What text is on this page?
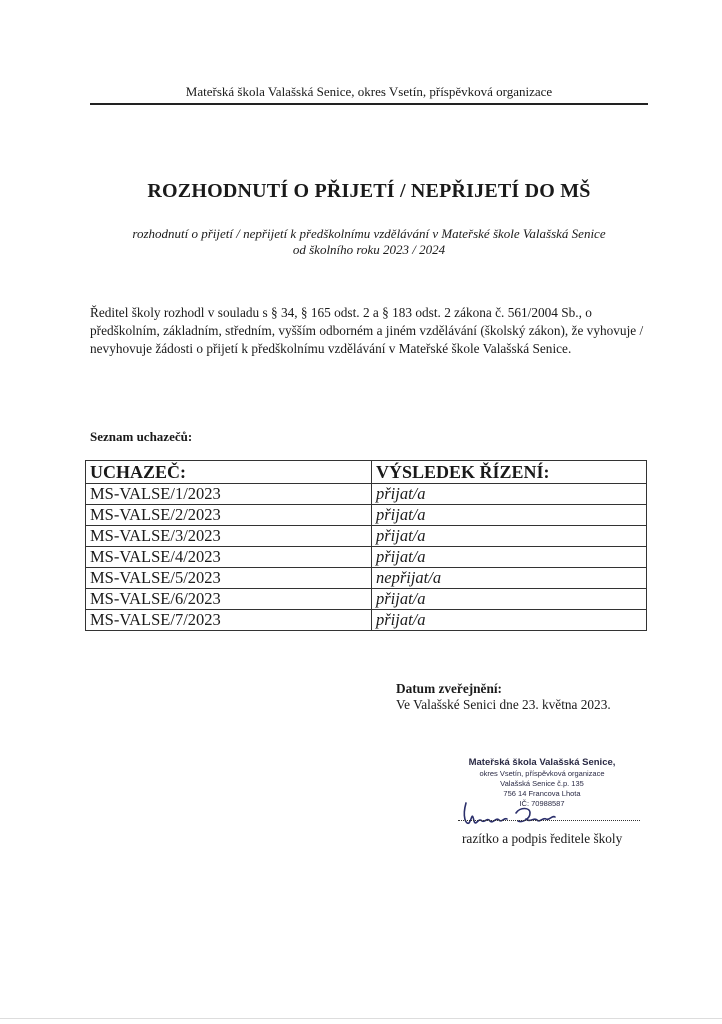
Mateřská škola Valašská Senice, okres Vsetín, příspěvková organizace
ROZHODNUTÍ O PŘIJETÍ / NEPŘIJETÍ DO MŠ
rozhodnutí o přijetí / nepřijetí k předškolnímu vzdělávání v Mateřské škole Valašská Senice
od školního roku 2023 / 2024
Ředitel školy rozhodl v souladu s § 34, § 165 odst. 2 a § 183 odst. 2 zákona č. 561/2004 Sb., o předškolním, základním, středním, vyšším odborném a jiném vzdělávání (školský zákon), že vyhovuje / nevyhovuje žádosti o přijetí k předškolnímu vzdělávání v Mateřské škole Valašská Senice.
Seznam uchazečů:
UCHAZEČ:	VÝSLEDEK ŘÍZENÍ:
MS-VALSE/1/2023	přijat/a
MS-VALSE/2/2023	přijat/a
MS-VALSE/3/2023	přijat/a
MS-VALSE/4/2023	přijat/a
MS-VALSE/5/2023	nepřijat/a
MS-VALSE/6/2023	přijat/a
MS-VALSE/7/2023	přijat/a
Datum zveřejnění:
Ve Valašské Senici dne 23. května 2023.
Mateřská škola Valašská Senice,
okres Vsetín, příspěvková organizace
Valašská Senice č.p. 135
756 14 Francova Lhota
IČ: 70988587
razítko a podpis ředitele školy
